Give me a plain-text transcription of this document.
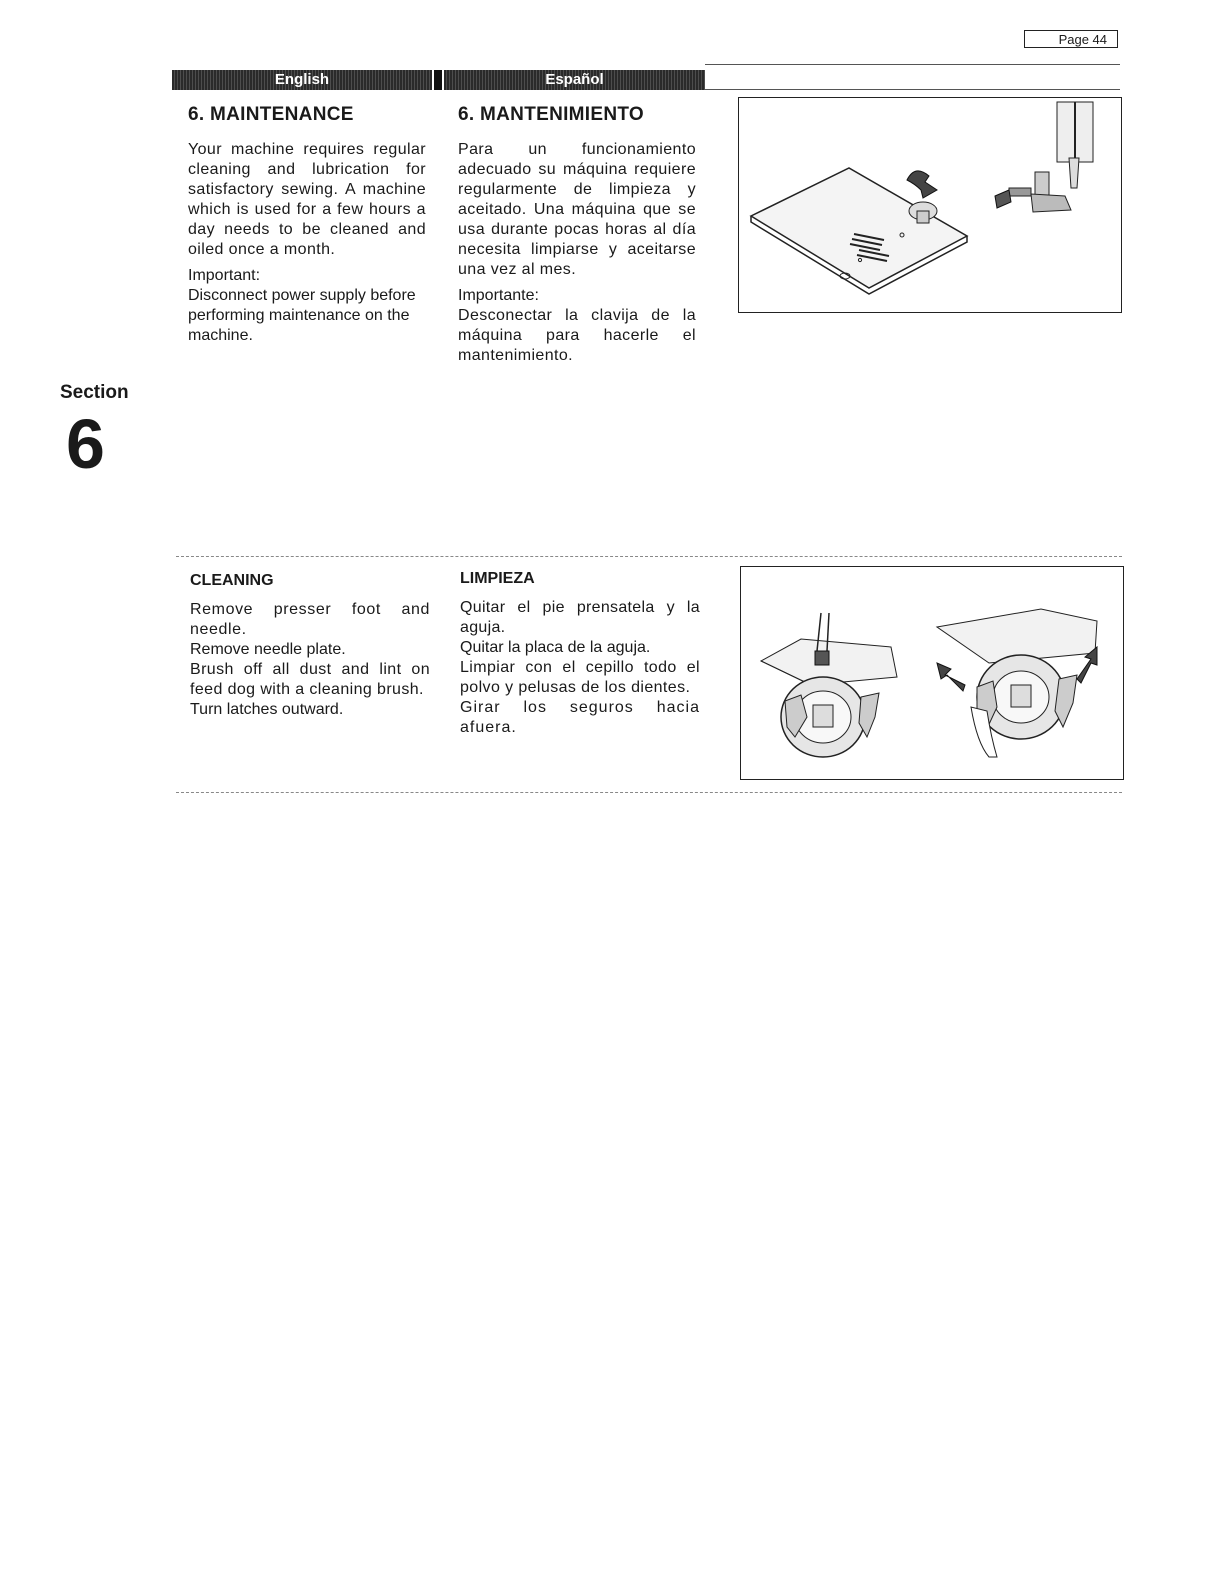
Page 44
English	Español
Section
6
6. MAINTENANCE

Your machine requires regular cleaning and lubrication for satisfactory sewing. A machine which is used for a few hours a day needs to be cleaned and oiled once a month.

Important:

Disconnect power supply before performing maintenance on the machine.

6. MANTENIMIENTO

Para un funcionamiento adecuado su máquina requiere regularmente de limpieza y aceitado. Una máquina que se usa durante pocas horas al día necesita limpiarse y aceitarse una vez al mes.

Importante:

Desconectar la clavija de la máquina para hacerle el mantenimiento.

CLEANING

Remove presser foot and needle.

Remove needle plate.

Brush off all dust and lint on feed dog with a cleaning brush.

Turn latches outward.

LIMPIEZA

Quitar el pie prensatela y la aguja.

Quitar la placa de la aguja.

Limpiar con el cepillo todo el polvo y pelusas de los dientes.

Girar los seguros hacia afuera.
